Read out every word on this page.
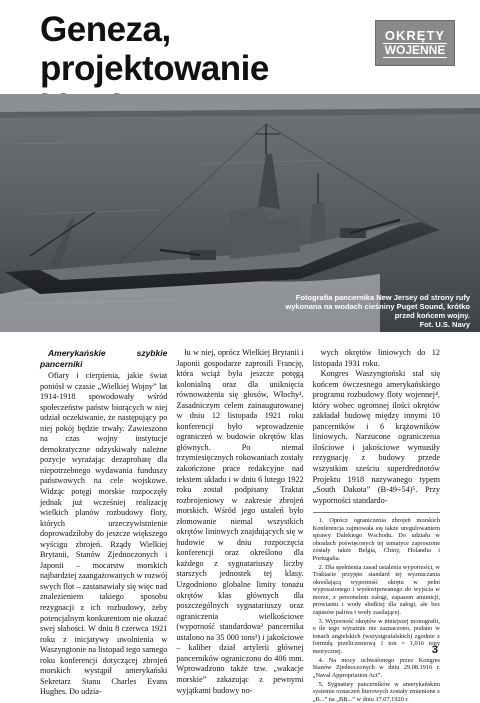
Geneza, projektowanie
OKRĘTY
WOJENNE
Fotografia pancernika New Jersey od strony rufy wykonana na wodach cieśniny Puget Sound, krótko przed końcem wojny.
Fot. U.S. Navy
Amerykańskie szybkie pancerniki

Ofiary i cierpienia, jakie świat poniósł w czasie „Wielkiej Wojny” lat 1914-1918 spowodowały wśród społeczeństw państw biorących w niej udział oczekiwanie, że następujący po niej pokój będzie trwały. Zawieszono na czas wojny instytucje demokratyczne odzyskiwały należne pozycje wyrażając dezaprobatę dla niepotrzebnego wydawania funduszy państwowych na cele wojskowe. Widząc potęgi morskie rozpoczęły jednak już wcześniej realizację wielkich planów rozbudowy floty, których urzeczywistnienie doprowadziłoby do jeszcze większego wyścigu zbrojeń. Rządy Wielkiej Brytanii, Stanów Zjednoczonych i Japonii – mocarstw morskich najbardziej zaangażowanych w rozwój swych flot – zastanawiały się więc nad znalezieniem takiego sposobu rezygnacji z ich rozbudowy, żeby potencjalnym konkurentom nie okazać swej słabości. W dniu 8 czerwca 1921 roku z inicjatywy uwolnienia w Waszyngtonie na listopad tego samego roku konferencji dotyczącej zbrojeń morskich wystąpił amerykański Sekretarz Stanu Charles Evans Hughes. Do udzia-

łu w niej, oprócz Wielkiej Brytanii i Japonii gospodarze zaprosili Francję, która wciąż była jeszcze potęgą kolonialną oraz dla uniknięcia równoważenia się głosów, Włochy¹. Zasadniczym celem zainaugurowanej w dniu 12 listopada 1921 roku konferencji było wprowadzenie ograniczeń w budowie okrętów klas głównych. Po niemal trzymiesięcznych rokowaniach zostały zakończone prace redakcyjne nad tekstem układu i w dniu 6 lutego 1922 roku został podpisany Traktat rozbrojeniowy w zakresie zbrojeń morskich. Wśród jego ustaleń było złomowanie niemal wszystkich okrętów liniowych znajdujących się w budowie w dniu rozpoczęcia konferencji oraz określono dla każdego z sygnatariuszy liczby starszych jednostek tej klasy. Uzgodniono globalne limity tonażu okrętów klas głównych dla poszczególnych sygnatariuszy oraz ograniczenia wielkościowe (wyporność standardowa² pancernika ustalono na 35 000 tons³) i jakościowe – kaliber dział artylerii głównej pancerników ograniczono do 406 mm. Wprowadzono także tzw. „wakacje morskie” zakazując z pewnymi wyjątkami budowy no-

wych okrętów liniowych do 12 listopada 1931 roku.

Kongres Waszyngtoński stał się końcem ówczesnego amerykańskiego programu rozbudowy floty wojennej⁴, który wobec ogromnej ilości okrętów zakładał budowę między innymi 10 pancerników i 6 krążowników liniowych. Narzucone ograniczenia ilościowe i jakościowe wymusiły rezygnację z budowy przede wszystkim sześciu superdrednotów Projektu 1918 nazywanego typem „South Dakota” (B-49÷54)⁵. Przy wyporności standardo-

1. Oprócz ograniczenia zbrojeń morskich Konferencja zajmowała się także uregulowaniem sprawy Dalekiego Wschodu. Do udziału w obradach poświęconych tej tematyce zaproszone zostały także Belgia, Chiny, Holandia i Portugalia.

2. Dla spełnienia zasad ustalenia wyporności, w Traktacie przyjęto standard tej wyznaczania określającą wyporność okrętu w pełni wyposażonego i wyekwipowanego do wyjścia w morze, z personelem załogi, zapasem amunicji, prowiantu i wody słodkiej dla załogi, ale bez zapasów paliwa i wody zasilającej.

3. Wyporność okrętów w niniejszej monografii, o ile tego wyraźnie nie zaznaczono, podano w tonach angielskich (wszystgrafalskich) zgodnie z formułą przeliczeniową 1 ton = 1,016 tony metrycznej.

4. Na mocy uchwalonego przez Kongres Stanów Zjednoczonych w dniu 29.08.1916 r. „Naval Appropriation Act”.

5. Sygnatury pancerników w amerykańskim systemie oznaczeń literowych zostały zmienione z „B...” na „BB...” w dniu 17.07.1920 r.

3
